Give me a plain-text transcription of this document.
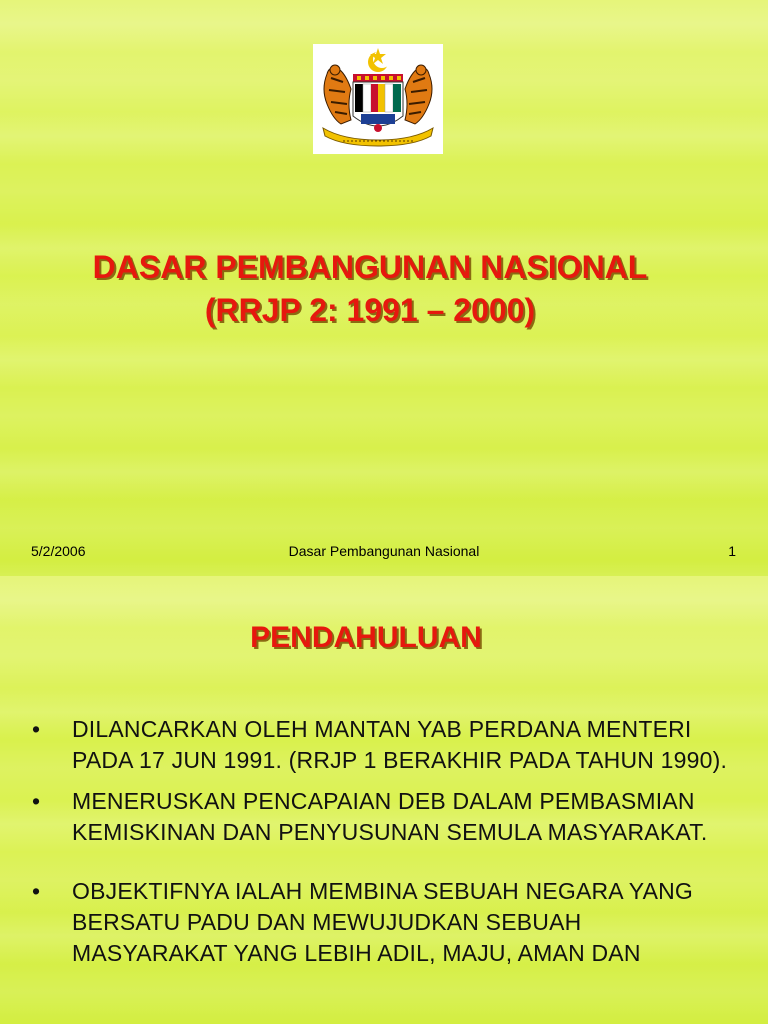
DASAR PEMBANGUNAN NASIONAL
(RRJP 2: 1991 – 2000)
5/2/2006	Dasar Pembangunan Nasional	1
PENDAHULUAN
• DILANCARKAN OLEH MANTAN YAB PERDANA MENTERI PADA 17 JUN 1991. (RRJP 1 BERAKHIR PADA TAHUN 1990).
• MENERUSKAN PENCAPAIAN DEB DALAM PEMBASMIAN KEMISKINAN DAN PENYUSUNAN SEMULA MASYARAKAT.
• OBJEKTIFNYA IALAH MEMBINA SEBUAH NEGARA YANG BERSATU PADU DAN MEWUJUDKAN SEBUAH MASYARAKAT YANG LEBIH ADIL, MAJU, AMAN DAN
